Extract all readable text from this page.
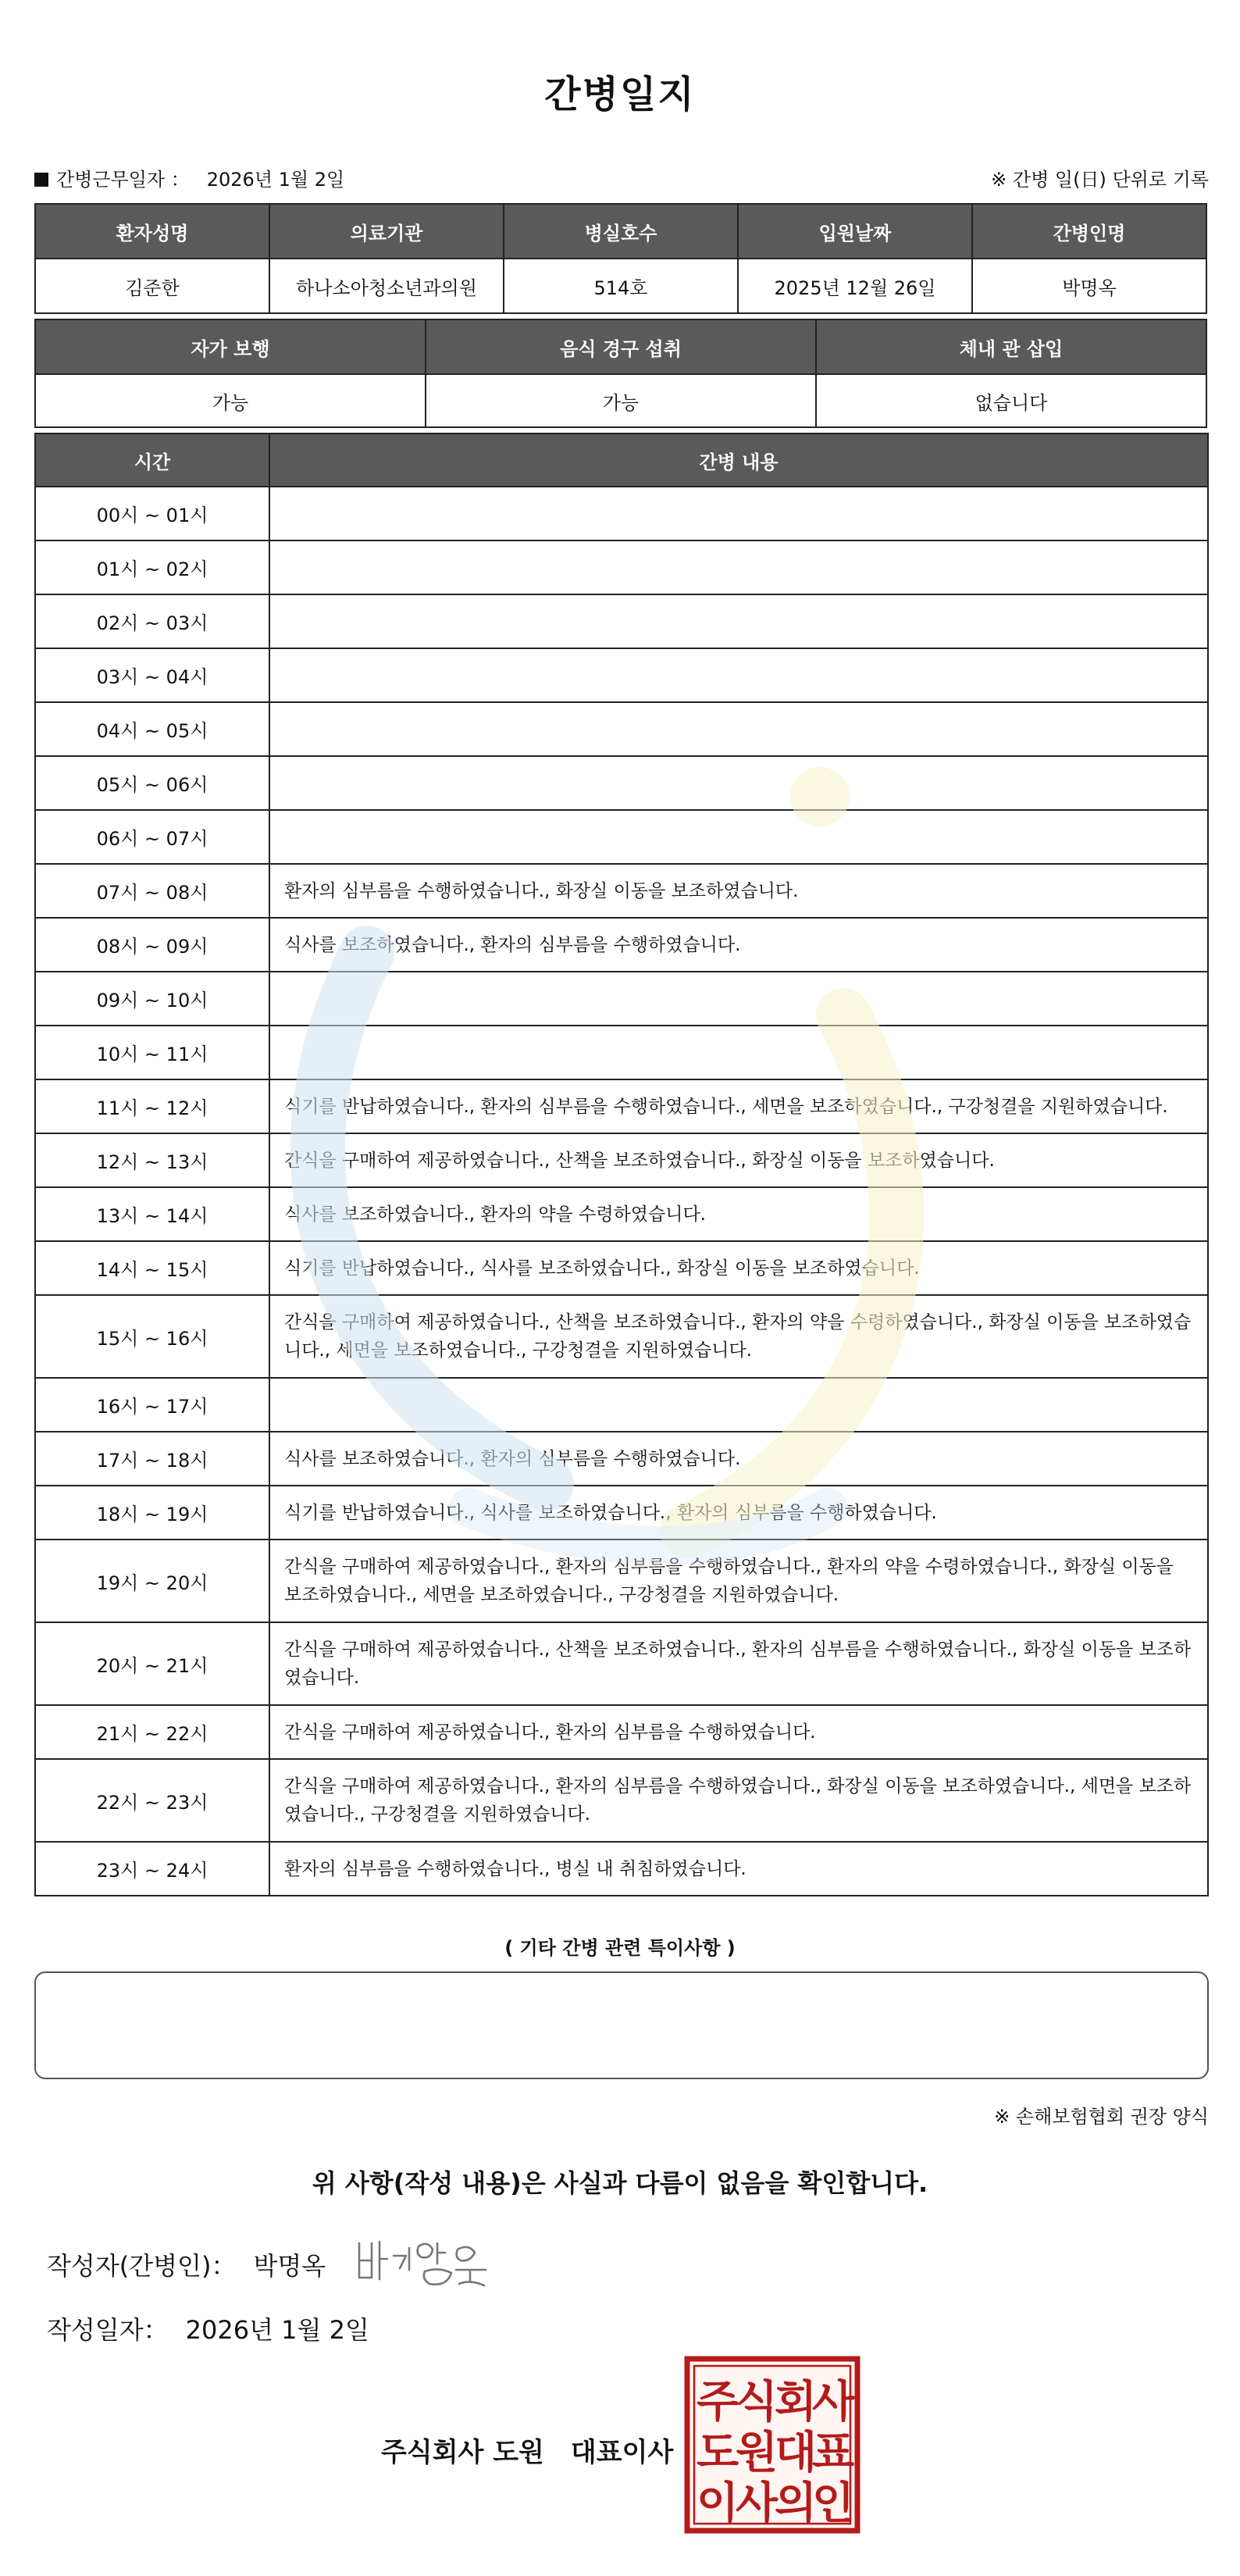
간병일지
간병근무일자 ： 2026년 1월 2일	※ 간병 일(日) 단위로 기록
환자성명	의료기관	병실호수	입원날짜	간병인명
김준한	하나소아청소년과의원	514호	2025년 12월 26일	박명옥
자가 보행	음식 경구 섭취	체내 관 삽입
가능	가능	없습니다
시간	간병 내용
00시 ~ 01시	
01시 ~ 02시	
02시 ~ 03시	
03시 ~ 04시	
04시 ~ 05시	
05시 ~ 06시	
06시 ~ 07시	
07시 ~ 08시	환자의 심부름을 수행하였습니다., 화장실 이동을 보조하였습니다.
08시 ~ 09시	식사를 보조하였습니다., 환자의 심부름을 수행하였습니다.
09시 ~ 10시	
10시 ~ 11시	
11시 ~ 12시	식기를 반납하였습니다., 환자의 심부름을 수행하였습니다., 세면을 보조하였습니다., 구강청결을 지원하였습니다.
12시 ~ 13시	간식을 구매하여 제공하였습니다., 산책을 보조하였습니다., 화장실 이동을 보조하였습니다.
13시 ~ 14시	식사를 보조하였습니다., 환자의 약을 수령하였습니다.
14시 ~ 15시	식기를 반납하였습니다., 식사를 보조하였습니다., 화장실 이동을 보조하였습니다.
15시 ~ 16시	간식을 구매하여 제공하였습니다., 산책을 보조하였습니다., 환자의 약을 수령하였습니다., 화장실 이동을 보조하였습니다., 세면을 보조하였습니다., 구강청결을 지원하였습니다.
16시 ~ 17시	
17시 ~ 18시	식사를 보조하였습니다., 환자의 심부름을 수행하였습니다.
18시 ~ 19시	식기를 반납하였습니다., 식사를 보조하였습니다., 환자의 심부름을 수행하였습니다.
19시 ~ 20시	간식을 구매하여 제공하였습니다., 환자의 심부름을 수행하였습니다., 환자의 약을 수령하였습니다., 화장실 이동을 보조하였습니다., 세면을 보조하였습니다., 구강청결을 지원하였습니다.
20시 ~ 21시	간식을 구매하여 제공하였습니다., 산책을 보조하였습니다., 환자의 심부름을 수행하였습니다., 화장실 이동을 보조하였습니다.
21시 ~ 22시	간식을 구매하여 제공하였습니다., 환자의 심부름을 수행하였습니다.
22시 ~ 23시	간식을 구매하여 제공하였습니다., 환자의 심부름을 수행하였습니다., 화장실 이동을 보조하였습니다., 세면을 보조하였습니다., 구강청결을 지원하였습니다.
23시 ~ 24시	환자의 심부름을 수행하였습니다., 병실 내 취침하였습니다.
( 기타 간병 관련 특이사항 )
※ 손해보험협회 권장 양식
위 사항(작성 내용)은 사실과 다름이 없음을 확인합니다.
작성자(간병인)： 박명옥
작성일자： 2026년 1월 2일
주식회사 도원 대표이사
주
식
회
사
도
원
대
표
이
사
의
인
